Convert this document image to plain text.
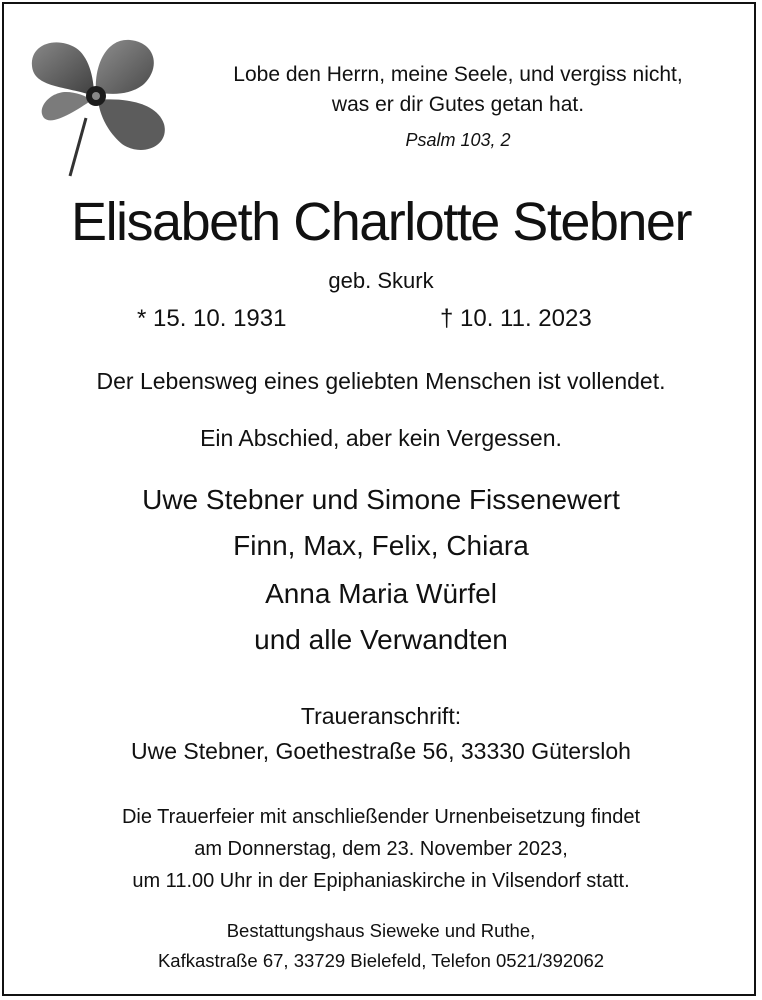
Lobe den Herrn, meine Seele, und vergiss nicht,
was er dir Gutes getan hat.
Psalm 103, 2
Elisabeth Charlotte Stebner
geb. Skurk
* 15. 10. 1931	† 10. 11. 2023
Der Lebensweg eines geliebten Menschen ist vollendet.
Ein Abschied, aber kein Vergessen.
Uwe Stebner und Simone Fissenewert
Finn, Max, Felix, Chiara
Anna Maria Würfel
und alle Verwandten
Traueranschrift:
Uwe Stebner, Goethestraße 56, 33330 Gütersloh
Die Trauerfeier mit anschließender Urnenbeisetzung findet
am Donnerstag, dem 23. November 2023,
um 11.00 Uhr in der Epiphaniaskirche in Vilsendorf statt.
Bestattungshaus Sieweke und Ruthe,
Kafkastraße 67, 33729 Bielefeld, Telefon 0521/392062
